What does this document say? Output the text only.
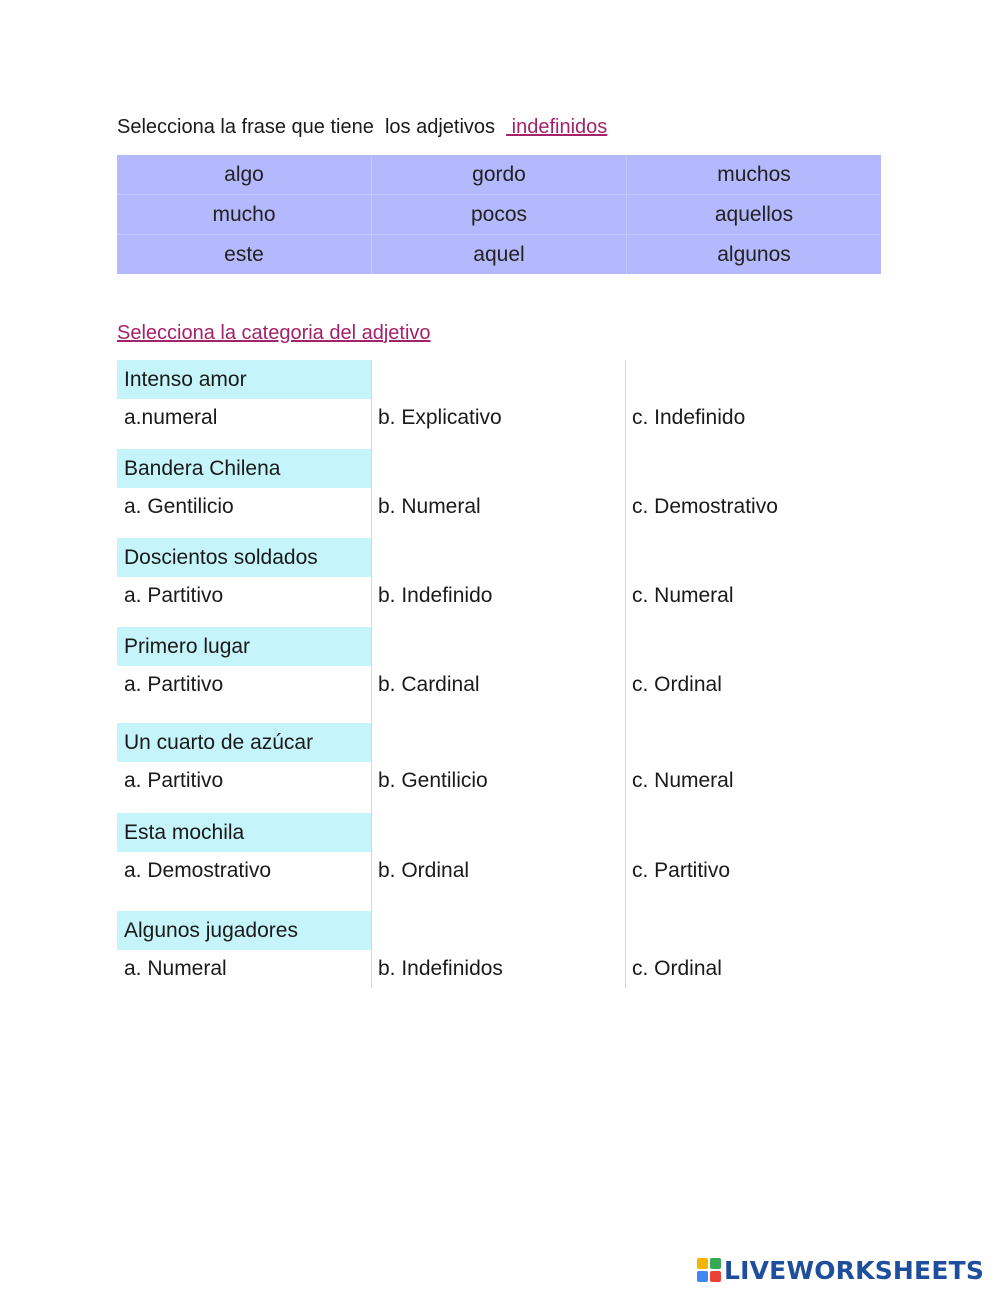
Selecciona la frase que tiene  los adjetivos   indefinidos
algo	gordo	muchos
mucho	pocos	aquellos
este	aquel	algunos
Selecciona la categoria del adjetivo
Intenso amor
a.numeral	b. Explicativo	c. Indefinido
Bandera Chilena
a. Gentilicio	b. Numeral	c. Demostrativo
Doscientos soldados
a. Partitivo	b. Indefinido	c. Numeral
Primero lugar
a. Partitivo	b. Cardinal	c. Ordinal
Un cuarto de azúcar
a. Partitivo	b. Gentilicio	c. Numeral
Esta mochila
a. Demostrativo	b. Ordinal	c. Partitivo
Algunos jugadores
a. Numeral	b. Indefinidos	c. Ordinal
LIVEWORKSHEETS
